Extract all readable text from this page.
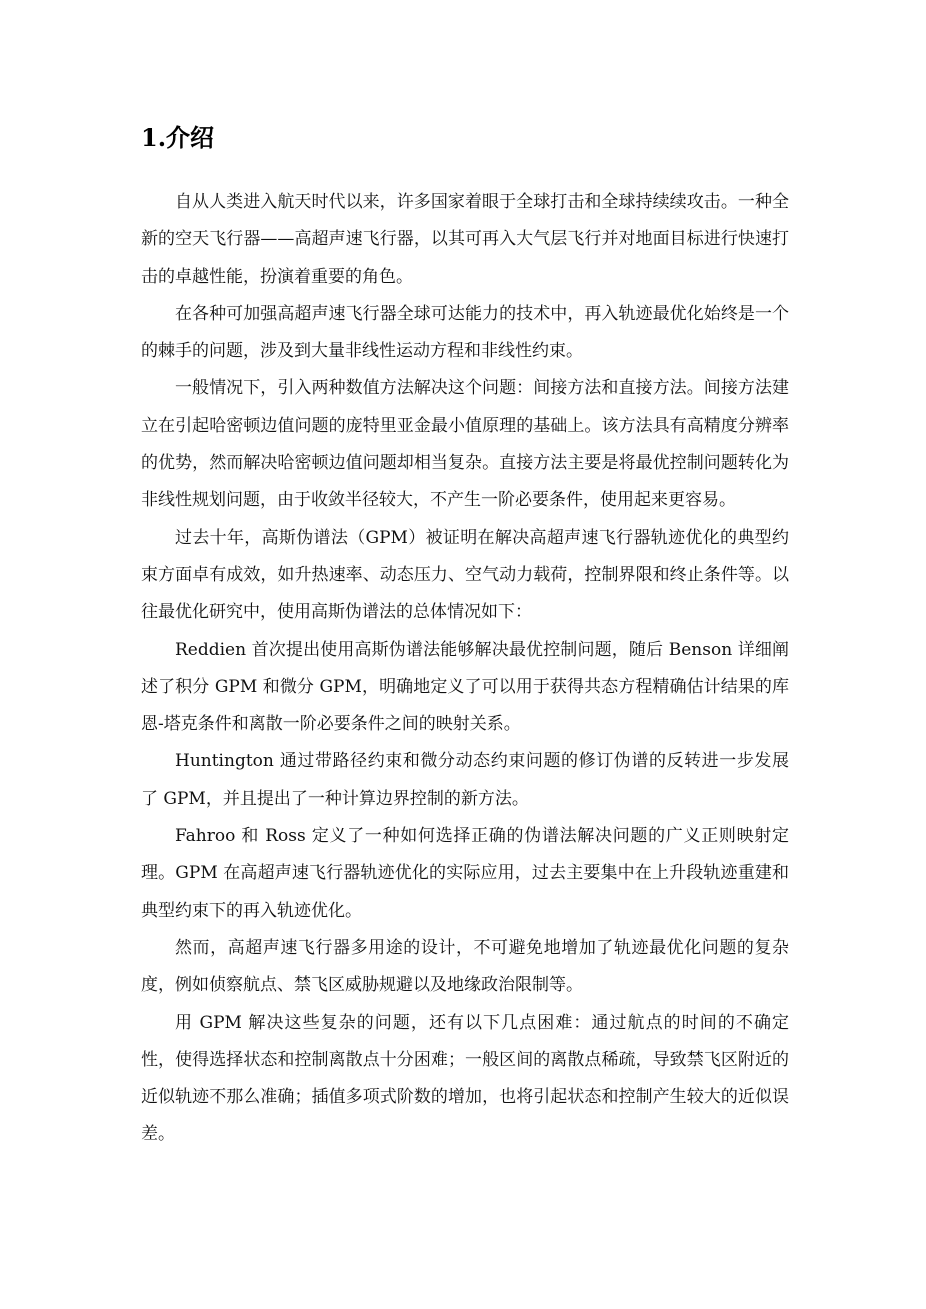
1.介绍

自从人类进入航天时代以来，许多国家着眼于全球打击和全球持续续攻击。一种全新的空天飞行器——高超声速飞行器，以其可再入大气层飞行并对地面目标进行快速打击的卓越性能，扮演着重要的角色。

在各种可加强高超声速飞行器全球可达能力的技术中，再入轨迹最优化始终是一个的棘手的问题，涉及到大量非线性运动方程和非线性约束。

一般情况下，引入两种数值方法解决这个问题：间接方法和直接方法。间接方法建立在引起哈密顿边值问题的庞特里亚金最小值原理的基础上。该方法具有高精度分辨率的优势，然而解决哈密顿边值问题却相当复杂。直接方法主要是将最优控制问题转化为非线性规划问题，由于收敛半径较大，不产生一阶必要条件，使用起来更容易。

过去十年，高斯伪谱法（GPM）被证明在解决高超声速飞行器轨迹优化的典型约束方面卓有成效，如升热速率、动态压力、空气动力载荷，控制界限和终止条件等。以往最优化研究中，使用高斯伪谱法的总体情况如下：

Reddien 首次提出使用高斯伪谱法能够解决最优控制问题，随后 Benson 详细阐述了积分 GPM 和微分 GPM，明确地定义了可以用于获得共态方程精确估计结果的库恩-塔克条件和离散一阶必要条件之间的映射关系。

Huntington 通过带路径约束和微分动态约束问题的修订伪谱的反转进一步发展了 GPM，并且提出了一种计算边界控制的新方法。

Fahroo 和 Ross 定义了一种如何选择正确的伪谱法解决问题的广义正则映射定理。GPM 在高超声速飞行器轨迹优化的实际应用，过去主要集中在上升段轨迹重建和典型约束下的再入轨迹优化。

然而，高超声速飞行器多用途的设计，不可避免地增加了轨迹最优化问题的复杂度，例如侦察航点、禁飞区威胁规避以及地缘政治限制等。

用 GPM 解决这些复杂的问题，还有以下几点困难：通过航点的时间的不确定性，使得选择状态和控制离散点十分困难；一般区间的离散点稀疏，导致禁飞区附近的近似轨迹不那么准确；插值多项式阶数的增加，也将引起状态和控制产生较大的近似误差。
